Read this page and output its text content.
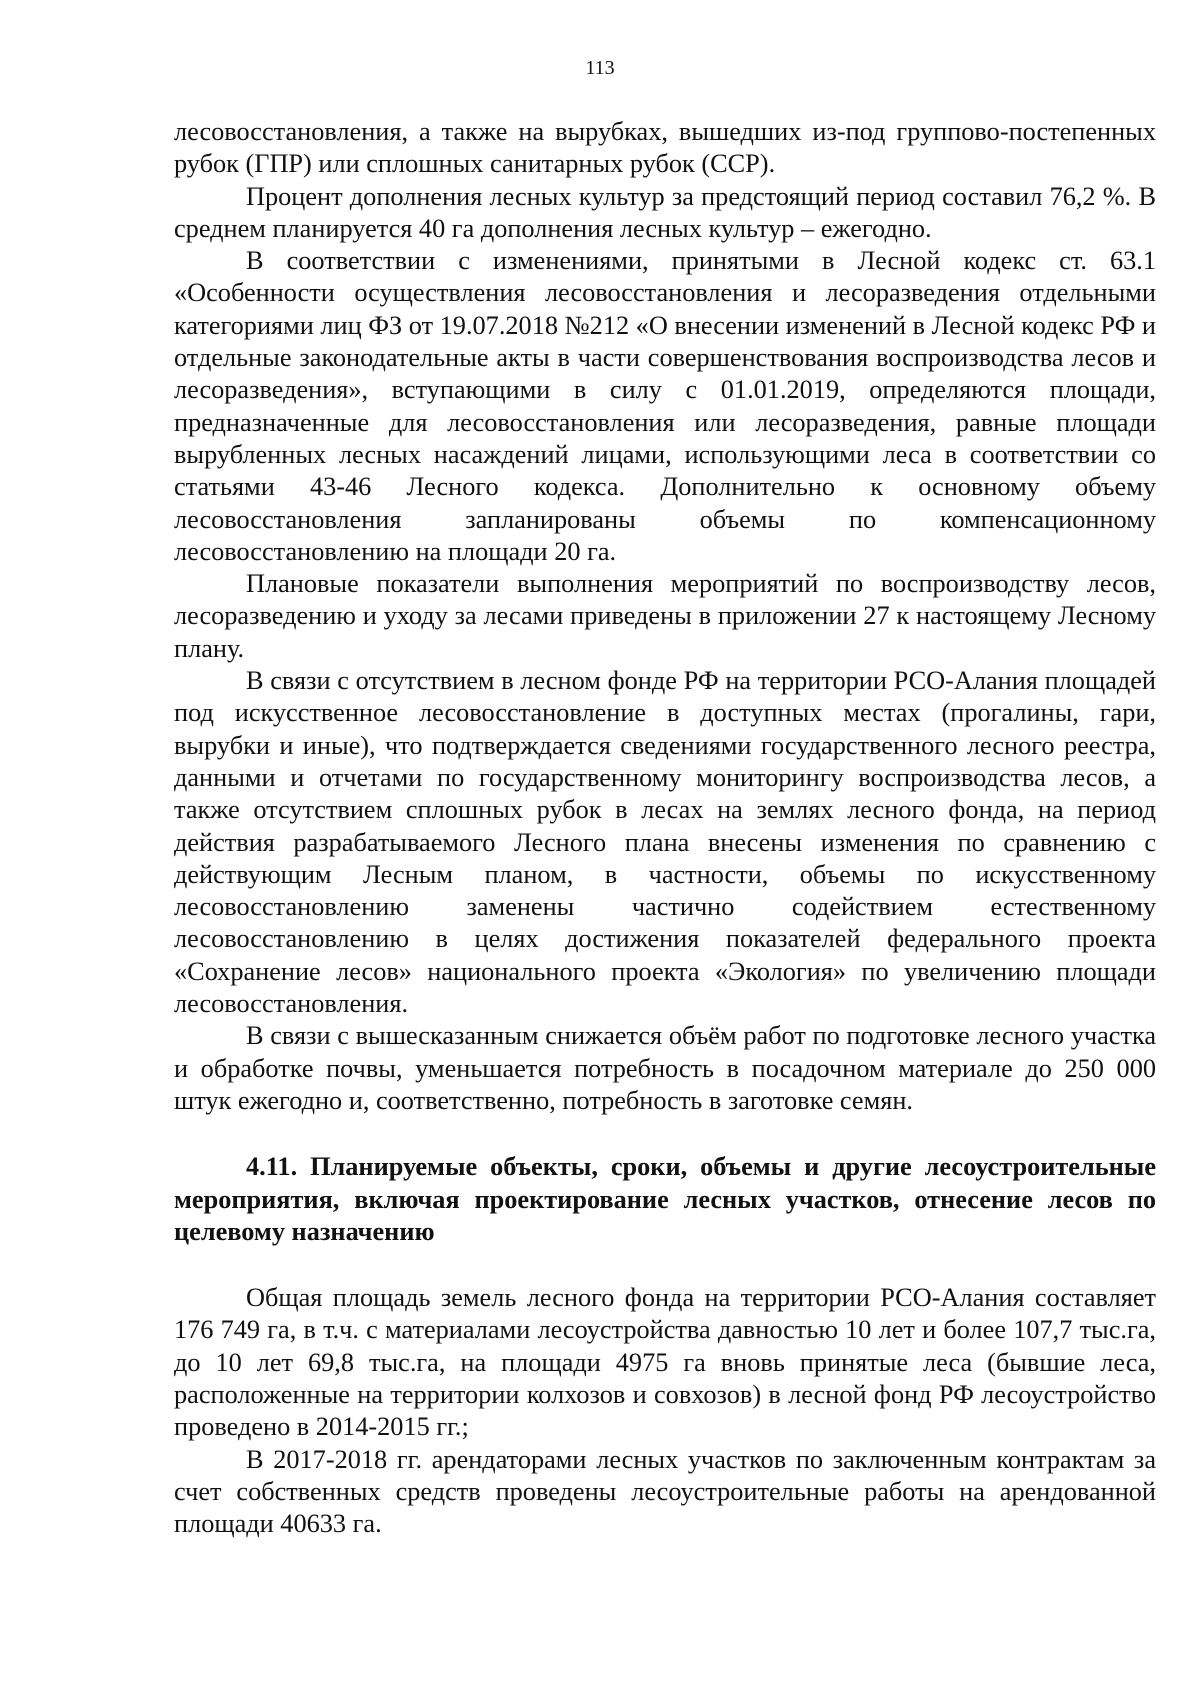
113

лесовосстановления, а также на вырубках, вышедших из-под группово-постепенных рубок (ГПР) или сплошных санитарных рубок (ССР).

Процент дополнения лесных культур за предстоящий период составил 76,2 %. В среднем планируется 40 га дополнения лесных культур – ежегодно.

В соответствии с изменениями, принятыми в Лесной кодекс ст. 63.1 «Особенности осуществления лесовосстановления и лесоразведения отдельными категориями лиц ФЗ от 19.07.2018 №212 «О внесении изменений в Лесной кодекс РФ и отдельные законодательные акты в части совершенствования воспроизводства лесов и лесоразведения», вступающими в силу с 01.01.2019, определяются площади, предназначенные для лесовосстановления или лесоразведения, равные площади вырубленных лесных насаждений лицами, использующими леса в соответствии со статьями 43-46 Лесного кодекса. Дополнительно к основному объему лесовосстановления запланированы объемы по компенсационному лесовосстановлению на площади 20 га.

Плановые показатели выполнения мероприятий по воспроизводству лесов, лесоразведению и уходу за лесами приведены в приложении 27 к настоящему Лесному плану.

В связи с отсутствием в лесном фонде РФ на территории РСО-Алания площадей под искусственное лесовосстановление в доступных местах (прогалины, гари, вырубки и иные), что подтверждается сведениями государственного лесного реестра, данными и отчетами по государственному мониторингу воспроизводства лесов, а также отсутствием сплошных рубок в лесах на землях лесного фонда, на период действия разрабатываемого Лесного плана внесены изменения по сравнению с действующим Лесным планом, в частности, объемы по искусственному лесовосстановлению заменены частично содействием естественному лесовосстановлению в целях достижения показателей федерального проекта «Сохранение лесов» национального проекта «Экология» по увеличению площади лесовосстановления.

В связи с вышесказанным снижается объём работ по подготовке лесного участка и обработке почвы, уменьшается потребность в посадочном материале до 250 000 штук ежегодно и, соответственно, потребность в заготовке семян.

4.11. Планируемые объекты, сроки, объемы и другие лесоустроительные мероприятия, включая проектирование лесных участков, отнесение лесов по целевому назначению

Общая площадь земель лесного фонда на территории РСО-Алания составляет 176 749 га, в т.ч. с материалами лесоустройства давностью 10 лет и более 107,7 тыс.га, до 10 лет 69,8 тыс.га, на площади 4975 га вновь принятые леса (бывшие леса, расположенные на территории колхозов и совхозов) в лесной фонд РФ лесоустройство проведено в 2014-2015 гг.;

В 2017-2018 гг. арендаторами лесных участков по заключенным контрактам за счет собственных средств проведены лесоустроительные работы на арендованной площади 40633 га.
